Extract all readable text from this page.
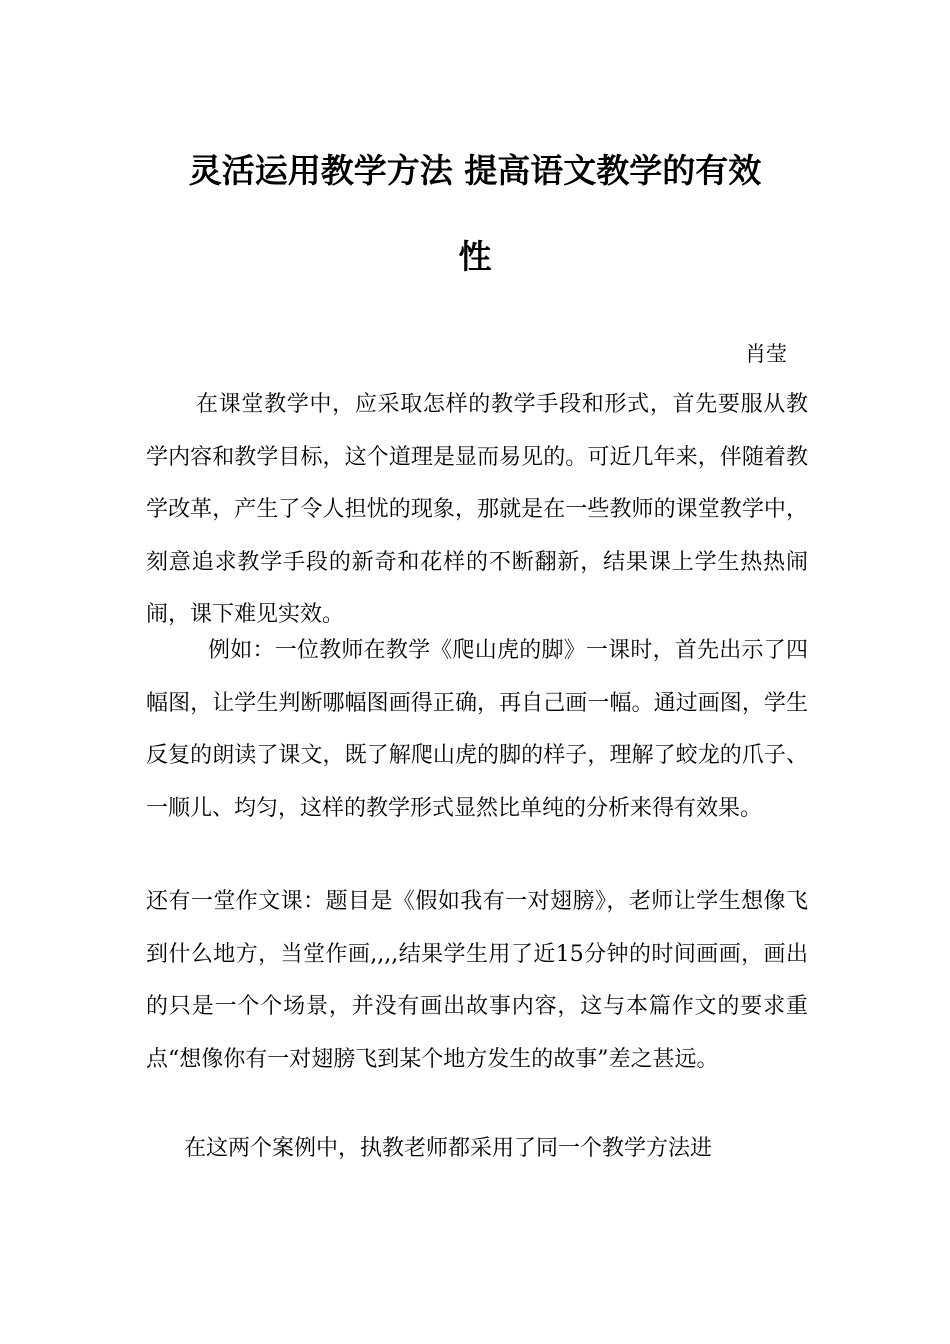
灵活运用教学方法 提高语文教学的有效
性
肖莹

在课堂教学中，应采取怎样的教学手段和形式，首先要服从教学内容和教学目标，这个道理是显而易见的。可近几年来，伴随着教学改革，产生了令人担忧的现象，那就是在一些教师的课堂教学中，刻意追求教学手段的新奇和花样的不断翻新，结果课上学生热热闹闹，课下难见实效。

例如：一位教师在教学《爬山虎的脚》一课时，首先出示了四幅图，让学生判断哪幅图画得正确，再自己画一幅。通过画图，学生反复的朗读了课文，既了解爬山虎的脚的样子，理解了蛟龙的爪子、一顺儿、均匀，这样的教学形式显然比单纯的分析来得有效果。

还有一堂作文课：题目是《假如我有一对翅膀》，老师让学生想像飞到什么地方，当堂作画,,,,结果学生用了近15分钟的时间画画，画出的只是一个个场景，并没有画出故事内容，这与本篇作文的要求重点“想像你有一对翅膀飞到某个地方发生的故事”差之甚远。

在这两个案例中，执教老师都采用了同一个教学方法进
